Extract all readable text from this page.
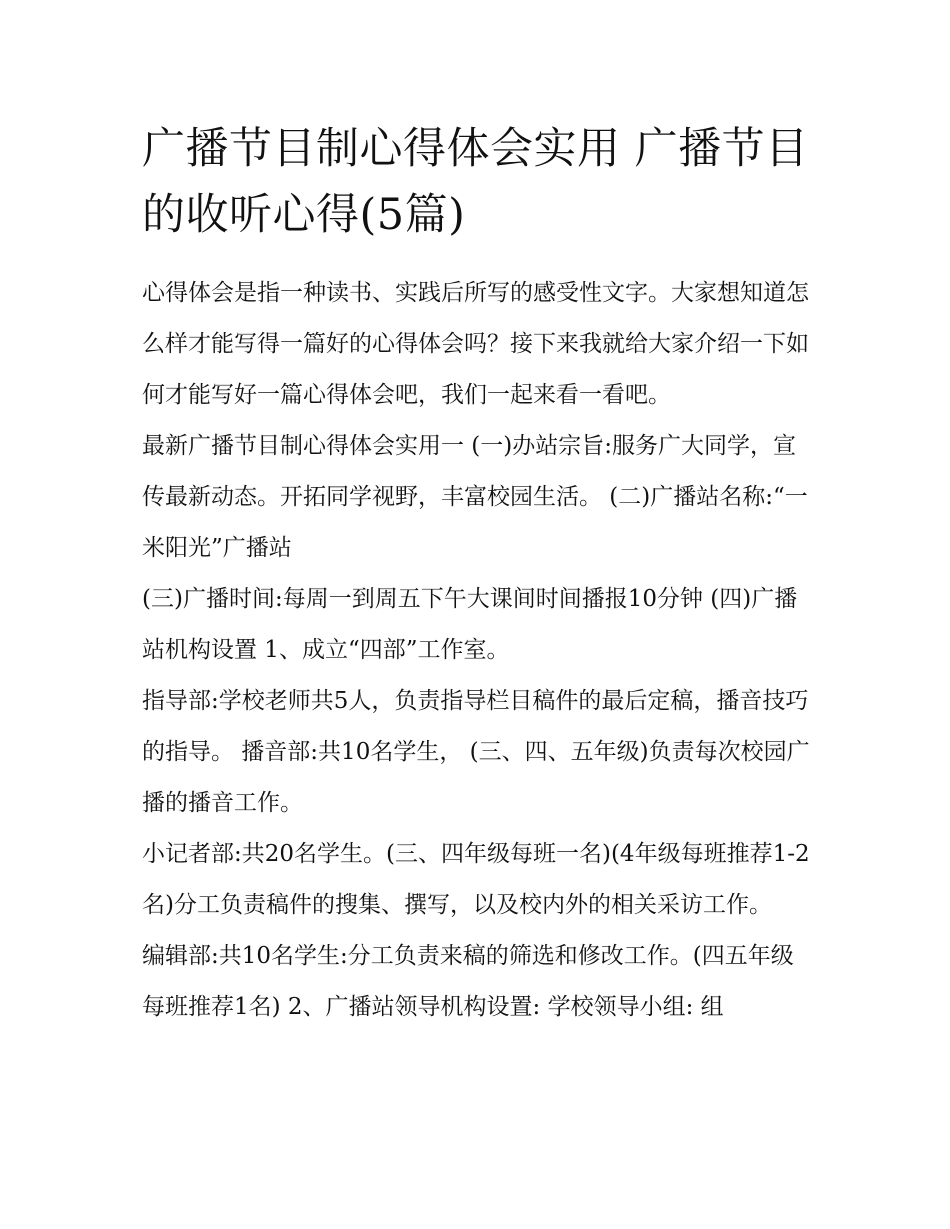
广播节目制心得体会实用 广播节目的收听心得(5篇)

心得体会是指一种读书、实践后所写的感受性文字。大家想知道怎么样才能写得一篇好的心得体会吗？接下来我就给大家介绍一下如何才能写好一篇心得体会吧，我们一起来看一看吧。

最新广播节目制心得体会实用一 (一)办站宗旨:服务广大同学，宣传最新动态。开拓同学视野，丰富校园生活。 (二)广播站名称:“一米阳光”广播站

(三)广播时间:每周一到周五下午大课间时间播报10分钟 (四)广播站机构设置 1、成立“四部”工作室。

指导部:学校老师共5人，负责指导栏目稿件的最后定稿，播音技巧的指导。 播音部:共10名学生， (三、四、五年级)负责每次校园广播的播音工作。

小记者部:共20名学生。(三、四年级每班一名)(4年级每班推荐1-2名)分工负责稿件的搜集、撰写，以及校内外的相关采访工作。

编辑部:共10名学生:分工负责来稿的筛选和修改工作。(四五年级每班推荐1名) 2、广播站领导机构设置: 学校领导小组: 组
